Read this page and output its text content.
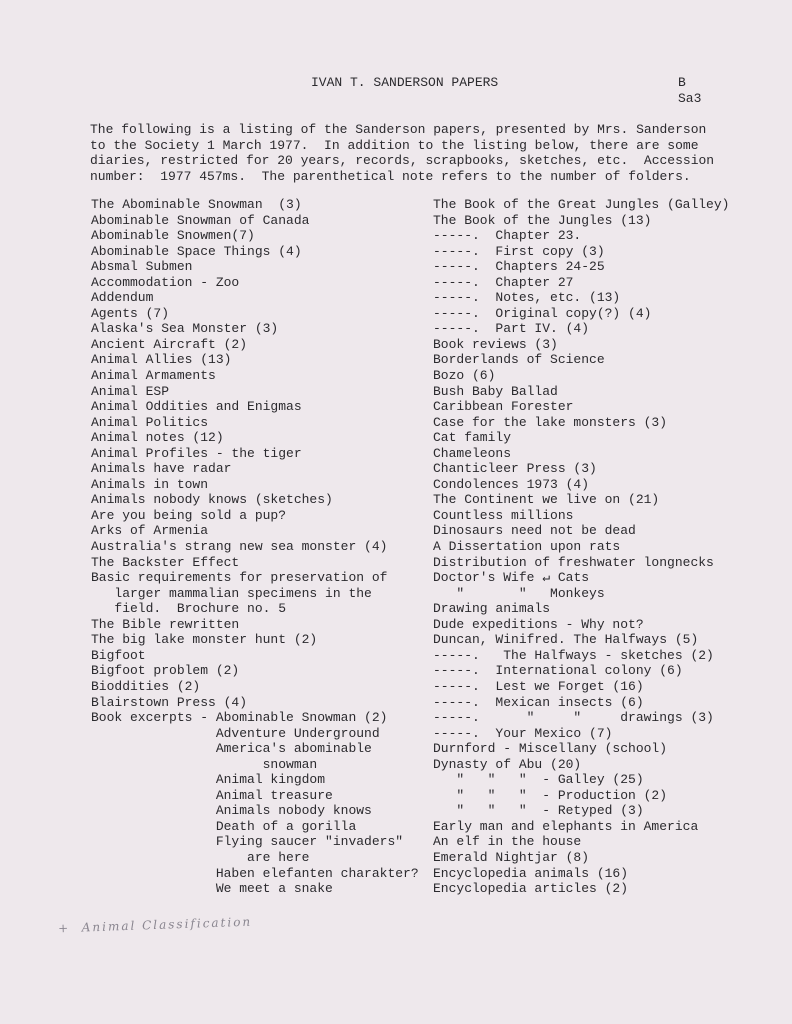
IVAN T. SANDERSON PAPERS	B
Sa3
The following is a listing of the Sanderson papers, presented by Mrs. Sanderson
to the Society 1 March 1977.  In addition to the listing below, there are some
diaries, restricted for 20 years, records, scrapbooks, sketches, etc.  Accession
number:  1977 457ms.  The parenthetical note refers to the number of folders.
The Abominable Snowman  (3)
Abominable Snowman of Canada
Abominable Snowmen(7)
Abominable Space Things (4)
Absmal Submen
Accommodation - Zoo
Addendum
Agents (7)
Alaska's Sea Monster (3)
Ancient Aircraft (2)
Animal Allies (13)
Animal Armaments
Animal ESP
Animal Oddities and Enigmas
Animal Politics
Animal notes (12)
Animal Profiles - the tiger
Animals have radar
Animals in town
Animals nobody knows (sketches)
Are you being sold a pup?
Arks of Armenia
Australia's strang new sea monster (4)
The Backster Effect
Basic requirements for preservation of
larger mammalian specimens in the
field.  Brochure no. 5
The Bible rewritten
The big lake monster hunt (2)
Bigfoot
Bigfoot problem (2)
Bioddities (2)
Blairstown Press (4)
Book excerpts - Abominable Snowman (2)
Adventure Underground
America's abominable
snowman
Animal kingdom
Animal treasure
Animals nobody knows
Death of a gorilla
Flying saucer "invaders"
are here
Haben elefanten charakter?
We meet a snake
The Book of the Great Jungles (Galley)
The Book of the Jungles (13)
-----.  Chapter 23.
-----.  First copy (3)
-----.  Chapters 24-25
-----.  Chapter 27
-----.  Notes, etc. (13)
-----.  Original copy(?) (4)
-----.  Part IV. (4)
Book reviews (3)
Borderlands of Science
Bozo (6)
Bush Baby Ballad
Caribbean Forester
Case for the lake monsters (3)
Cat family
Chameleons
Chanticleer Press (3)
Condolences 1973 (4)
The Continent we live on (21)
Countless millions
Dinosaurs need not be dead
A Dissertation upon rats
Distribution of freshwater longnecks
Doctor's Wife ↵ Cats
"       "   Monkeys
Drawing animals
Dude expeditions - Why not?
Duncan, Winifred. The Halfways (5)
-----.   The Halfways - sketches (2)
-----.  International colony (6)
-----.  Lest we Forget (16)
-----.  Mexican insects (6)
-----.      "     "     drawings (3)
-----.  Your Mexico (7)
Durnford - Miscellany (school)
Dynasty of Abu (20)
"   "   "  - Galley (25)
"   "   "  - Production (2)
"   "   "  - Retyped (3)
Early man and elephants in America
An elf in the house
Emerald Nightjar (8)
Encyclopedia animals (16)
Encyclopedia articles (2)
+  Animal Classification
